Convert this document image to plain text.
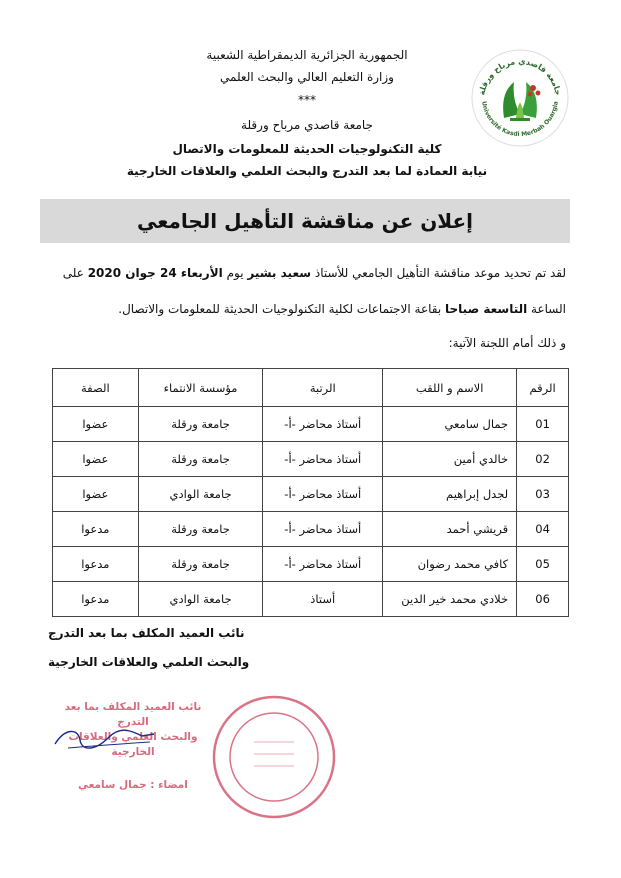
جامعة قاصدي مرباح ورقلة
Université Kasdi Merbah Ouargla
الجمهورية الجزائرية الديمقراطية الشعبية
وزارة التعليم العالي والبحث العلمي
***
جامعة قاصدي مرباح ورقلة
كلية التكنولوجيات الحديثة للمعلومات والاتصال
نيابة العمادة لما بعد التدرج والبحث العلمي والعلاقات الخارجية
إعلان عن مناقشة التأهيل الجامعي
لقد تم تحديد موعد مناقشة التأهيل الجامعي للأستاذ سعيد بشير يوم الأربعاء 24 جوان 2020 على
الساعة التاسعة صباحا بقاعة الاجتماعات لكلية التكنولوجيات الحديثة للمعلومات والاتصال.
و ذلك أمام اللجنة الآتية:
الرقم	الاسم و اللقب	الرتبة	مؤسسة الانتماء	الصفة
01	جمال سامعي	أستاذ محاضر -أ-	جامعة ورقلة	عضوا
02	خالدي أمين	أستاذ محاضر -أ-	جامعة ورقلة	عضوا
03	لجدل إبراهيم	أستاذ محاضر -أ-	جامعة الوادي	عضوا
04	قريشي أحمد	أستاذ محاضر -أ-	جامعة ورقلة	مدعوا
05	كافي محمد رضوان	أستاذ محاضر -أ-	جامعة ورقلة	مدعوا
06	خلادي محمد خير الدين	أستاذ	جامعة الوادي	مدعوا
نائب العميد المكلف بما بعد التدرج
والبحث العلمي والعلاقات الخارجية
نائب العميد المكلف بما بعد التدرج
والبحث العلمي والعلاقات الخارجية
امضاء : جمال سامعي
